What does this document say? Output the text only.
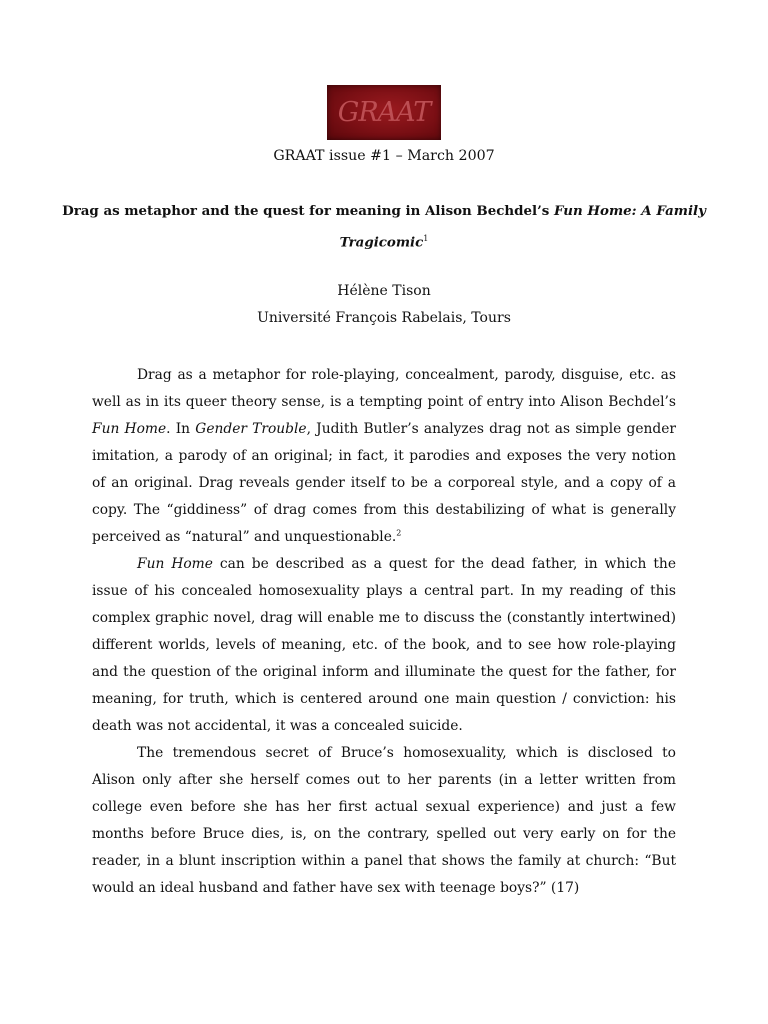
GRAAT
GRAAT issue #1 – March 2007
Drag as metaphor and the quest for meaning in Alison Bechdel’s Fun Home: A Family Tragicomic$^1$
Hélène Tison
Université François Rabelais, Tours

Drag as a metaphor for role-playing, concealment, parody, disguise, etc. as well as in its queer theory sense, is a tempting point of entry into Alison Bechdel’s Fun Home. In Gender Trouble, Judith Butler’s analyzes drag not as simple gender imitation, a parody of an original; in fact, it parodies and exposes the very notion of an original. Drag reveals gender itself to be a corporeal style, and a copy of a copy. The “giddiness” of drag comes from this destabilizing of what is generally perceived as “natural” and unquestionable.$^2$

Fun Home can be described as a quest for the dead father, in which the issue of his concealed homosexuality plays a central part. In my reading of this complex graphic novel, drag will enable me to discuss the (constantly intertwined) different worlds, levels of meaning, etc. of the book, and to see how role-playing and the question of the original inform and illuminate the quest for the father, for meaning, for truth, which is centered around one main question / conviction: his death was not accidental, it was a concealed suicide.

The tremendous secret of Bruce’s homosexuality, which is disclosed to Alison only after she herself comes out to her parents (in a letter written from college even before she has her first actual sexual experience) and just a few months before Bruce dies, is, on the contrary, spelled out very early on for the reader, in a blunt inscription within a panel that shows the family at church: “But would an ideal husband and father have sex with teenage boys?” (17)
